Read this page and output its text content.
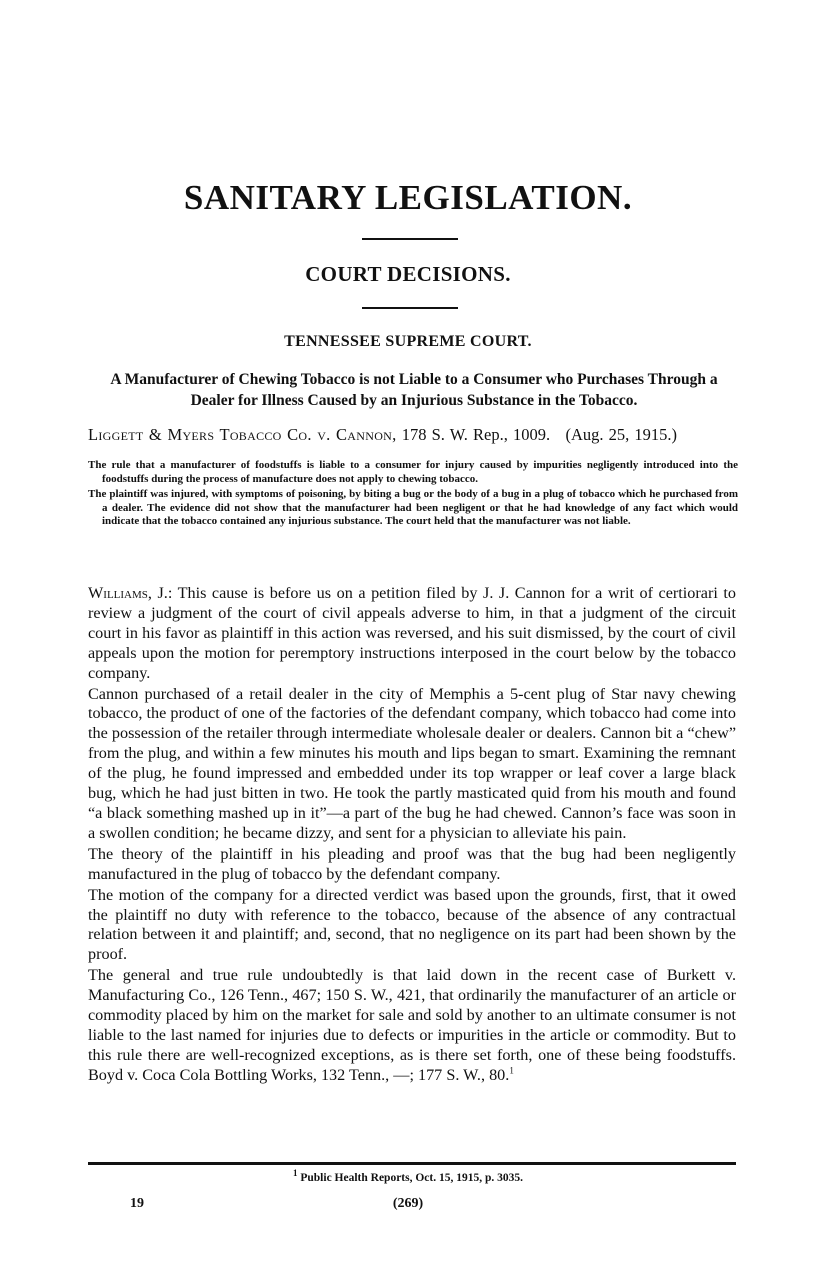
SANITARY LEGISLATION.
COURT DECISIONS.
TENNESSEE SUPREME COURT.
A Manufacturer of Chewing Tobacco is not Liable to a Consumer who Purchases Through a Dealer for Illness Caused by an Injurious Substance in the Tobacco.
Liggett & Myers Tobacco Co. v. Cannon, 178 S. W. Rep., 1009. (Aug. 25, 1915.)

The rule that a manufacturer of foodstuffs is liable to a consumer for injury caused by impurities negligently introduced into the foodstuffs during the process of manufacture does not apply to chewing tobacco.

The plaintiff was injured, with symptoms of poisoning, by biting a bug or the body of a bug in a plug of tobacco which he purchased from a dealer. The evidence did not show that the manufacturer had been negligent or that he had knowledge of any fact which would indicate that the tobacco contained any injurious substance. The court held that the manufacturer was not liable.

Williams, J.: This cause is before us on a petition filed by J. J. Cannon for a writ of certiorari to review a judgment of the court of civil appeals adverse to him, in that a judgment of the circuit court in his favor as plaintiff in this action was reversed, and his suit dismissed, by the court of civil appeals upon the motion for peremptory instructions interposed in the court below by the tobacco company.

Cannon purchased of a retail dealer in the city of Memphis a 5-cent plug of Star navy chewing tobacco, the product of one of the factories of the defendant company, which tobacco had come into the possession of the retailer through intermediate wholesale dealer or dealers. Cannon bit a “chew” from the plug, and within a few minutes his mouth and lips began to smart. Examining the remnant of the plug, he found impressed and embedded under its top wrapper or leaf cover a large black bug, which he had just bitten in two. He took the partly masticated quid from his mouth and found “a black something mashed up in it”—a part of the bug he had chewed. Cannon’s face was soon in a swollen condition; he became dizzy, and sent for a physician to alleviate his pain.

The theory of the plaintiff in his pleading and proof was that the bug had been negligently manufactured in the plug of tobacco by the defendant company.

The motion of the company for a directed verdict was based upon the grounds, first, that it owed the plaintiff no duty with reference to the tobacco, because of the absence of any contractual relation between it and plaintiff; and, second, that no negligence on its part had been shown by the proof.

The general and true rule undoubtedly is that laid down in the recent case of Burkett v. Manufacturing Co., 126 Tenn., 467; 150 S. W., 421, that ordinarily the manufacturer of an article or commodity placed by him on the market for sale and sold by another to an ultimate consumer is not liable to the last named for injuries due to defects or impurities in the article or commodity. But to this rule there are well-recognized exceptions, as is there set forth, one of these being foodstuffs. Boyd v. Coca Cola Bottling Works, 132 Tenn., —; 177 S. W., 80.$^1$

$^1$ Public Health Reports, Oct. 15, 1915, p. 3035.
19	(269)
